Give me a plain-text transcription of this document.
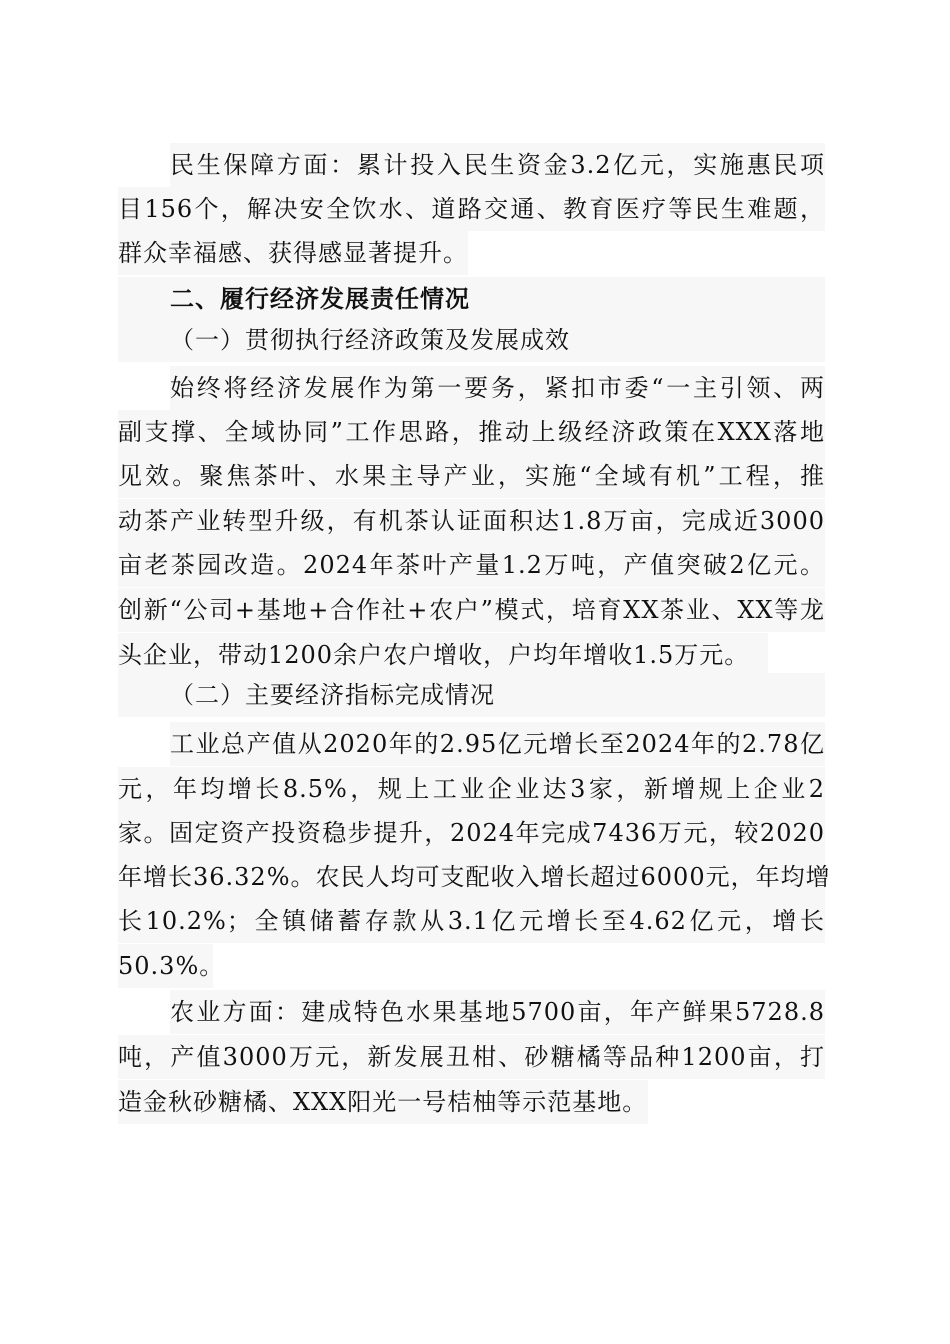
民生保障方面：累计投入民生资金3.2亿元，实施惠民项
目156个，解决安全饮水、道路交通、教育医疗等民生难题，
群众幸福感、获得感显著提升。
二、履行经济发展责任情况
（一）贯彻执行经济政策及发展成效
始终将经济发展作为第一要务，紧扣市委“一主引领、两
副支撑、全域协同”工作思路，推动上级经济政策在XXX落地
见效。聚焦茶叶、水果主导产业，实施“全域有机”工程，推
动茶产业转型升级，有机茶认证面积达1.8万亩，完成近3000
亩老茶园改造。2024年茶叶产量1.2万吨，产值突破2亿元。
创新“公司+基地+合作社+农户”模式，培育XX茶业、XX等龙
头企业，带动1200余户农户增收，户均年增收1.5万元。
（二）主要经济指标完成情况
工业总产值从2020年的2.95亿元增长至2024年的2.78亿
元，年均增长8.5%，规上工业企业达3家，新增规上企业2
家。固定资产投资稳步提升，2024年完成7436万元，较2020
年增长36.32%。农民人均可支配收入增长超过6000元，年均增
长10.2%；全镇储蓄存款从3.1亿元增长至4.62亿元，增长
50.3%。
农业方面：建成特色水果基地5700亩，年产鲜果5728.8
吨，产值3000万元，新发展丑柑、砂糖橘等品种1200亩，打
造金秋砂糖橘、XXX阳光一号桔柚等示范基地。
